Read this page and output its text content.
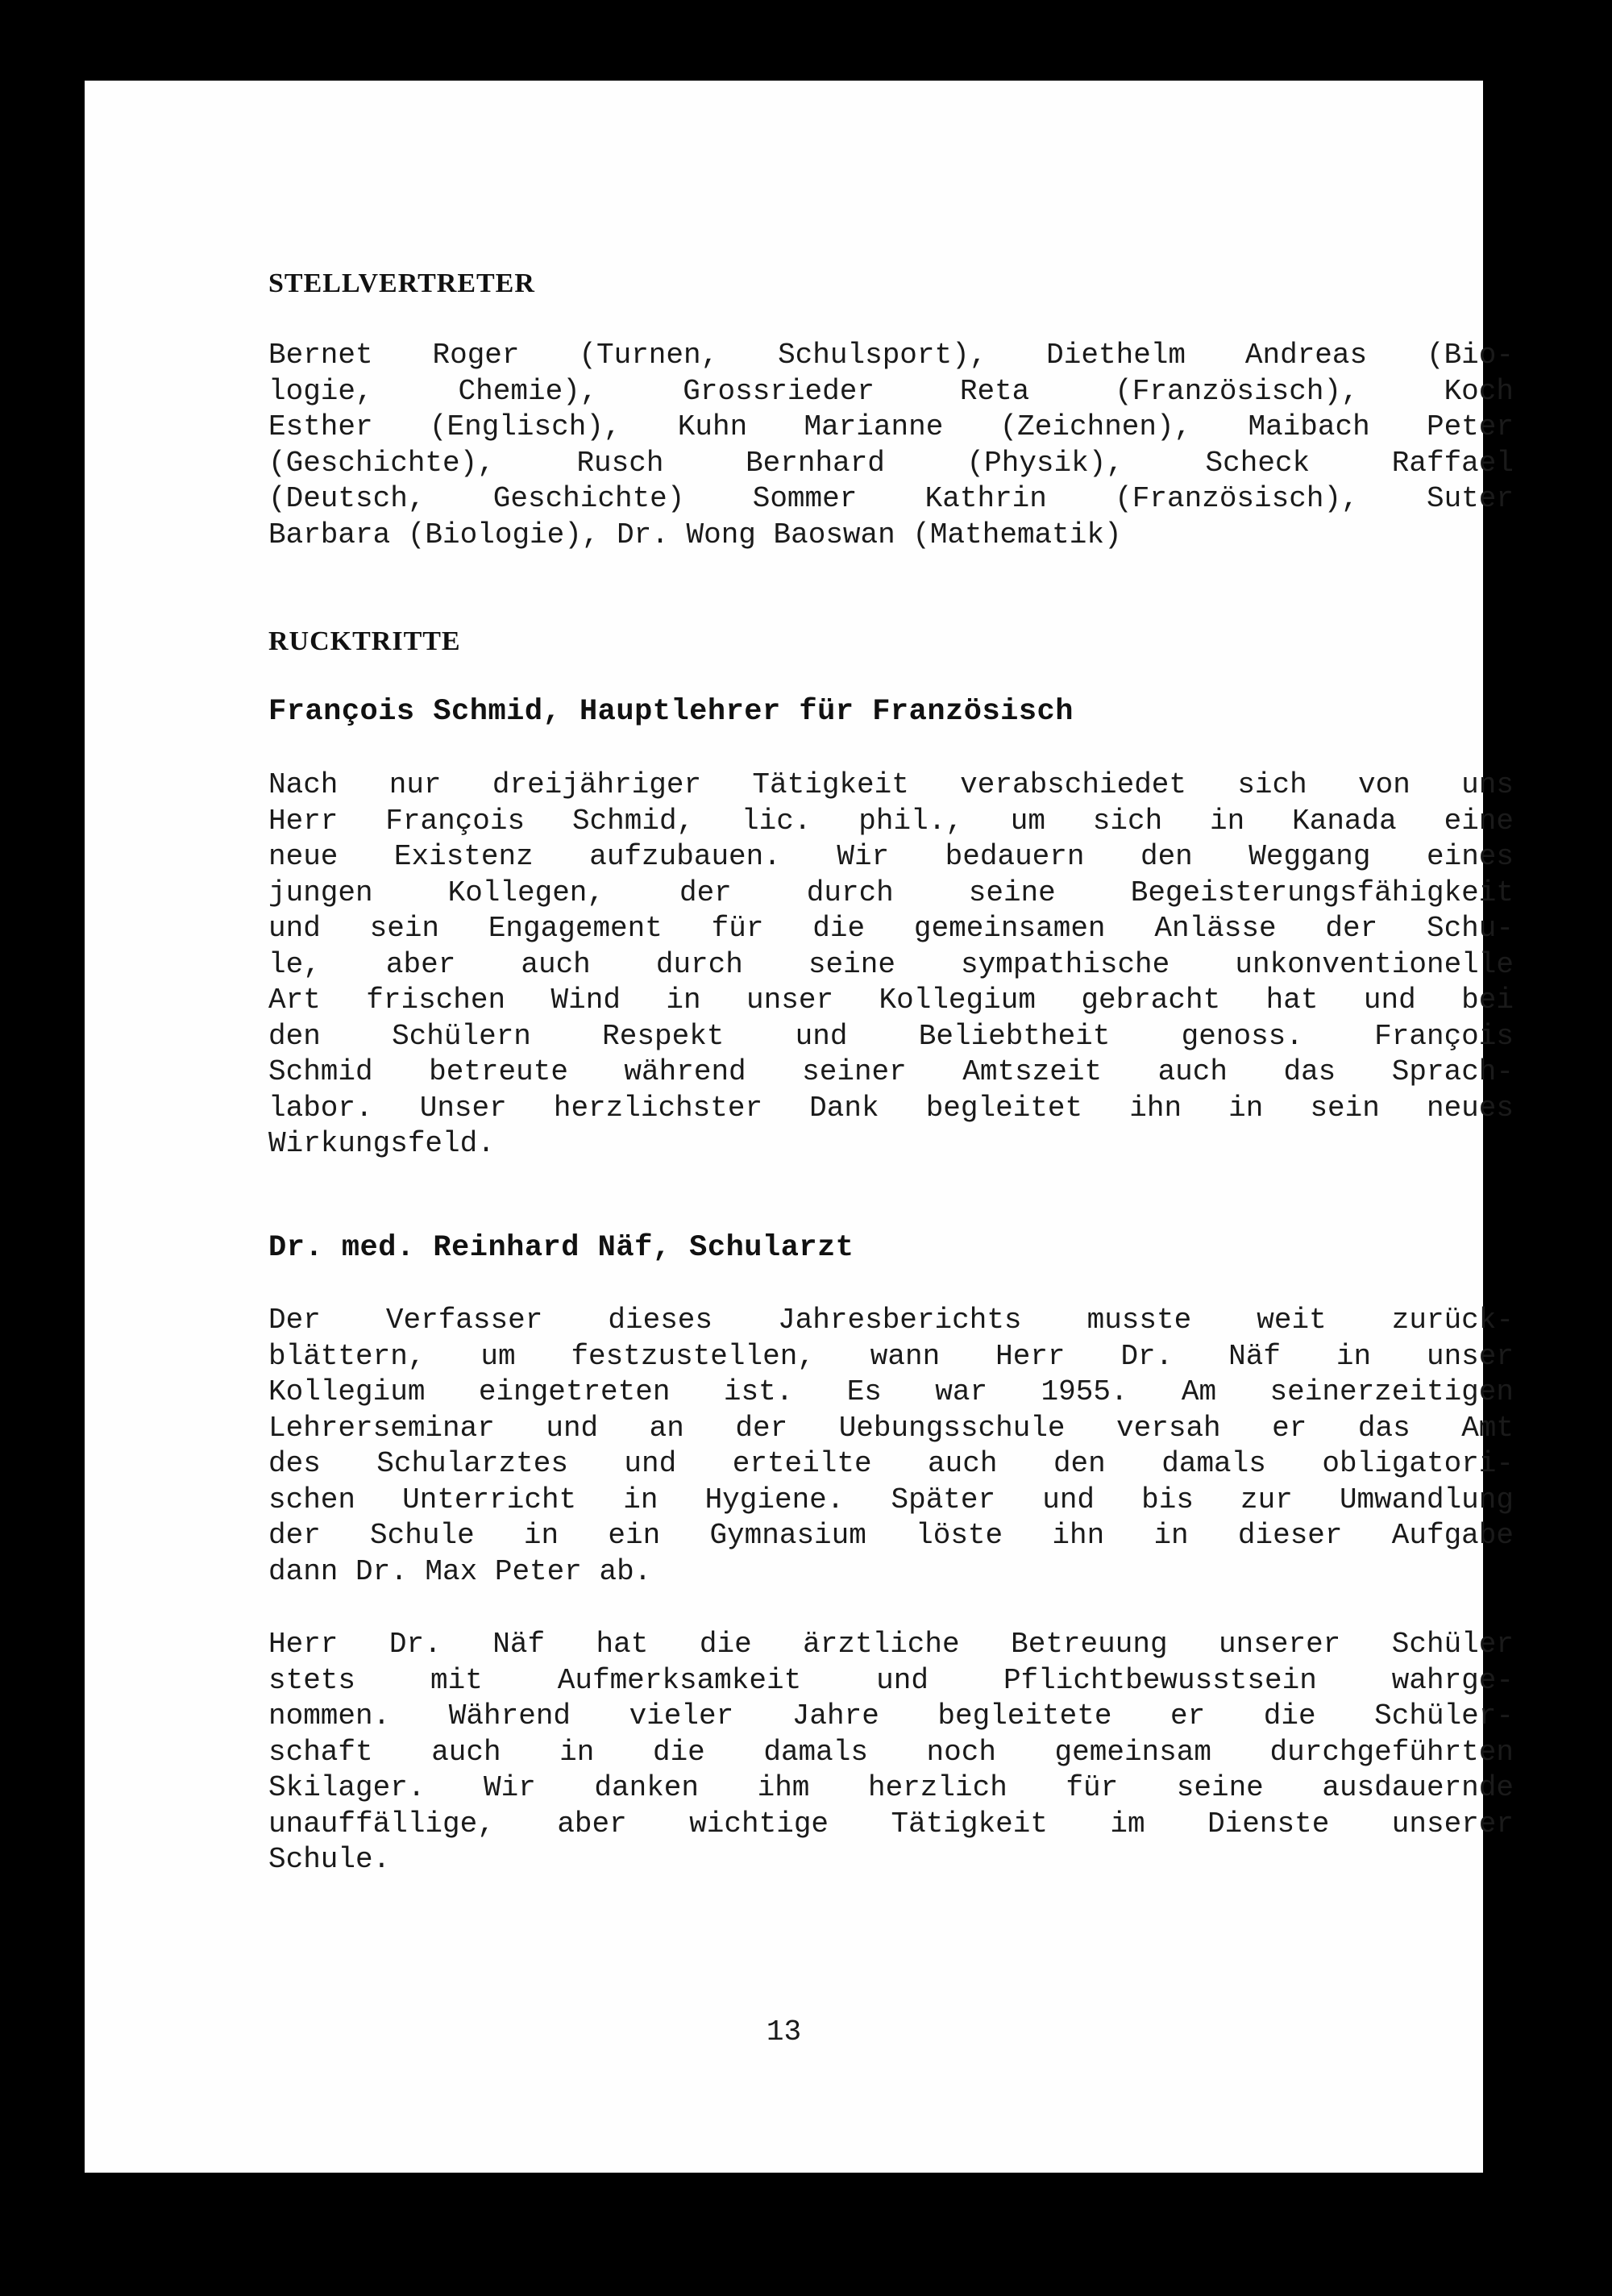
STELLVERTRETER
Bernet Roger (Turnen, Schulsport), Diethelm Andreas (Bio-
logie, Chemie), Grossrieder Reta (Französisch), Koch
Esther (Englisch), Kuhn Marianne (Zeichnen), Maibach Peter
(Geschichte), Rusch Bernhard (Physik), Scheck Raffael
(Deutsch, Geschichte) Sommer Kathrin (Französisch), Suter
Barbara (Biologie), Dr. Wong Baoswan (Mathematik)
RUCKTRITTE
François Schmid, Hauptlehrer für Französisch
Nach nur dreijähriger Tätigkeit verabschiedet sich von uns
Herr François Schmid, lic. phil., um sich in Kanada eine
neue Existenz aufzubauen. Wir bedauern den Weggang eines
jungen Kollegen, der durch seine Begeisterungsfähigkeit
und sein Engagement für die gemeinsamen Anlässe der Schu-
le, aber auch durch seine sympathische unkonventionelle
Art frischen Wind in unser Kollegium gebracht hat und bei
den Schülern Respekt und Beliebtheit genoss. François
Schmid betreute während seiner Amtszeit auch das Sprach-
labor. Unser herzlichster Dank begleitet ihn in sein neues
Wirkungsfeld.
Dr. med. Reinhard Näf, Schularzt
Der Verfasser dieses Jahresberichts musste weit zurück-
blättern, um festzustellen, wann Herr Dr. Näf in unser
Kollegium eingetreten ist. Es war 1955. Am seinerzeitigen
Lehrerseminar und an der Uebungsschule versah er das Amt
des Schularztes und erteilte auch den damals obligatori-
schen Unterricht in Hygiene. Später und bis zur Umwandlung
der Schule in ein Gymnasium löste ihn in dieser Aufgabe
dann Dr. Max Peter ab.
Herr Dr. Näf hat die ärztliche Betreuung unserer Schüler
stets mit Aufmerksamkeit und Pflichtbewusstsein wahrge-
nommen. Während vieler Jahre begleitete er die Schüler-
schaft auch in die damals noch gemeinsam durchgeführten
Skilager. Wir danken ihm herzlich für seine ausdauernde
unauffällige, aber wichtige Tätigkeit im Dienste unserer
Schule.

13
